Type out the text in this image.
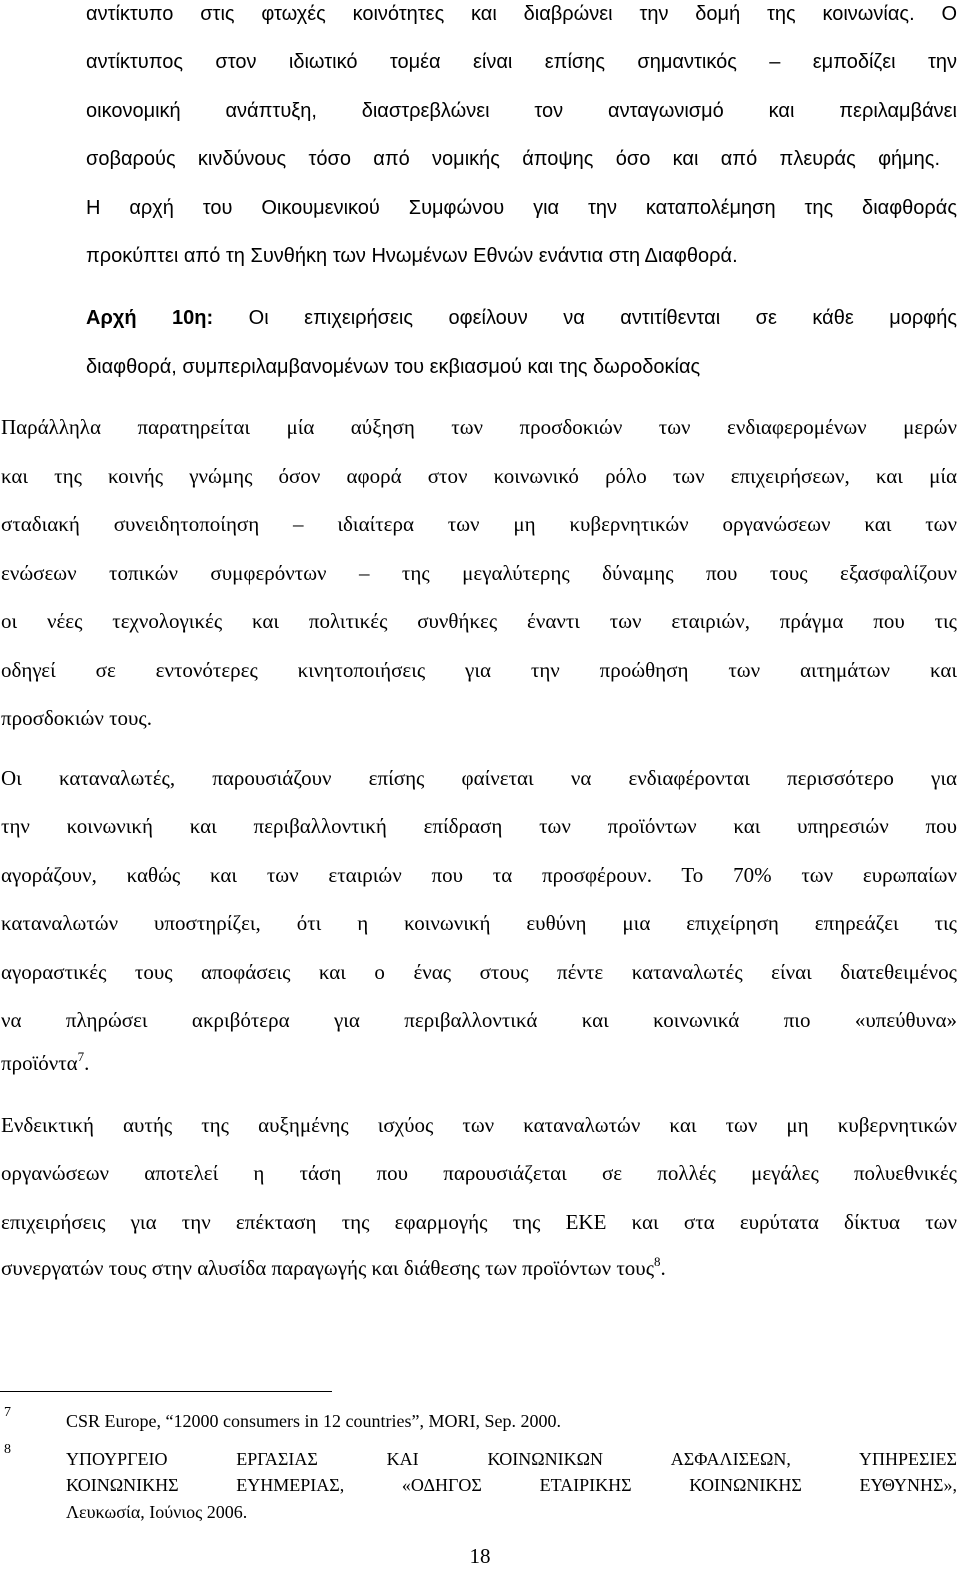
αντίκτυπο στις φτωχές κοινότητες και διαβρώνει την δομή της κοινωνίας. Ο

αντίκτυπος στον ιδιωτικό τομέα είναι επίσης σημαντικός – εμποδίζει την

οικονομική ανάπτυξη, διαστρεβλώνει τον ανταγωνισμό και περιλαμβάνει

σοβαρούς κινδύνους τόσο από νομικής άποψης όσο και από πλευράς φήμης.

Η αρχή του Οικουμενικού Συμφώνου για την καταπολέμηση της διαφθοράς

προκύπτει από τη Συνθήκη των Ηνωμένων Εθνών ενάντια στη Διαφθορά.

Αρχή 10η: Οι επιχειρήσεις οφείλουν να αντιτίθενται σε κάθε μορφής

διαφθορά, συμπεριλαμβανομένων του εκβιασμού και της δωροδοκίας

Παράλληλα παρατηρείται μία αύξηση των προσδοκιών των ενδιαφερομένων μερών

και της κοινής γνώμης όσον αφορά στον κοινωνικό ρόλο των επιχειρήσεων, και μία

σταδιακή συνειδητοποίηση – ιδιαίτερα των μη κυβερνητικών οργανώσεων και των

ενώσεων τοπικών συμφερόντων – της μεγαλύτερης δύναμης που τους εξασφαλίζουν

οι νέες τεχνολογικές και πολιτικές συνθήκες έναντι των εταιριών, πράγμα που τις

οδηγεί σε εντονότερες κινητοποιήσεις για την προώθηση των αιτημάτων και

προσδοκιών τους.

Οι καταναλωτές, παρουσιάζουν επίσης φαίνεται να ενδιαφέρονται περισσότερο για

την κοινωνική και περιβαλλοντική επίδραση των προϊόντων και υπηρεσιών που

αγοράζουν, καθώς και των εταιριών που τα προσφέρουν. Το 70% των ευρωπαίων

καταναλωτών υποστηρίζει, ότι η κοινωνική ευθύνη μια επιχείρηση επηρεάζει τις

αγοραστικές τους αποφάσεις και ο ένας στους πέντε καταναλωτές είναι διατεθειμένος

να πληρώσει ακριβότερα για περιβαλλοντικά και κοινωνικά πιο «υπεύθυνα»

προϊόντα$^7$.

Ενδεικτική αυτής της αυξημένης ισχύος των καταναλωτών και των μη κυβερνητικών

οργανώσεων αποτελεί η τάση που παρουσιάζεται σε πολλές μεγάλες πολυεθνικές

επιχειρήσεις για την επέκταση της εφαρμογής της ΕΚΕ και στα ευρύτατα δίκτυα των

συνεργατών τους στην αλυσίδα παραγωγής και διάθεσης των προϊόντων τους$^8$.

7	CSR Europe, “12000 consumers in 12 countries”, MORI, Sep. 2000.

8	ΥΠΟΥΡΓΕΙΟ ΕΡΓΑΣΙΑΣ ΚΑΙ ΚΟΙΝΩΝΙΚΩΝ ΑΣΦΑΛΙΣΕΩΝ, ΥΠΗΡΕΣΙΕΣ

ΚΟΙΝΩΝΙΚΗΣ ΕΥΗΜΕΡΙΑΣ, «ΟΔΗΓΟΣ ΕΤΑΙΡΙΚΗΣ ΚΟΙΝΩΝΙΚΗΣ ΕΥΘΥΝΗΣ»,

Λευκωσία, Ιούνιος 2006.

18
